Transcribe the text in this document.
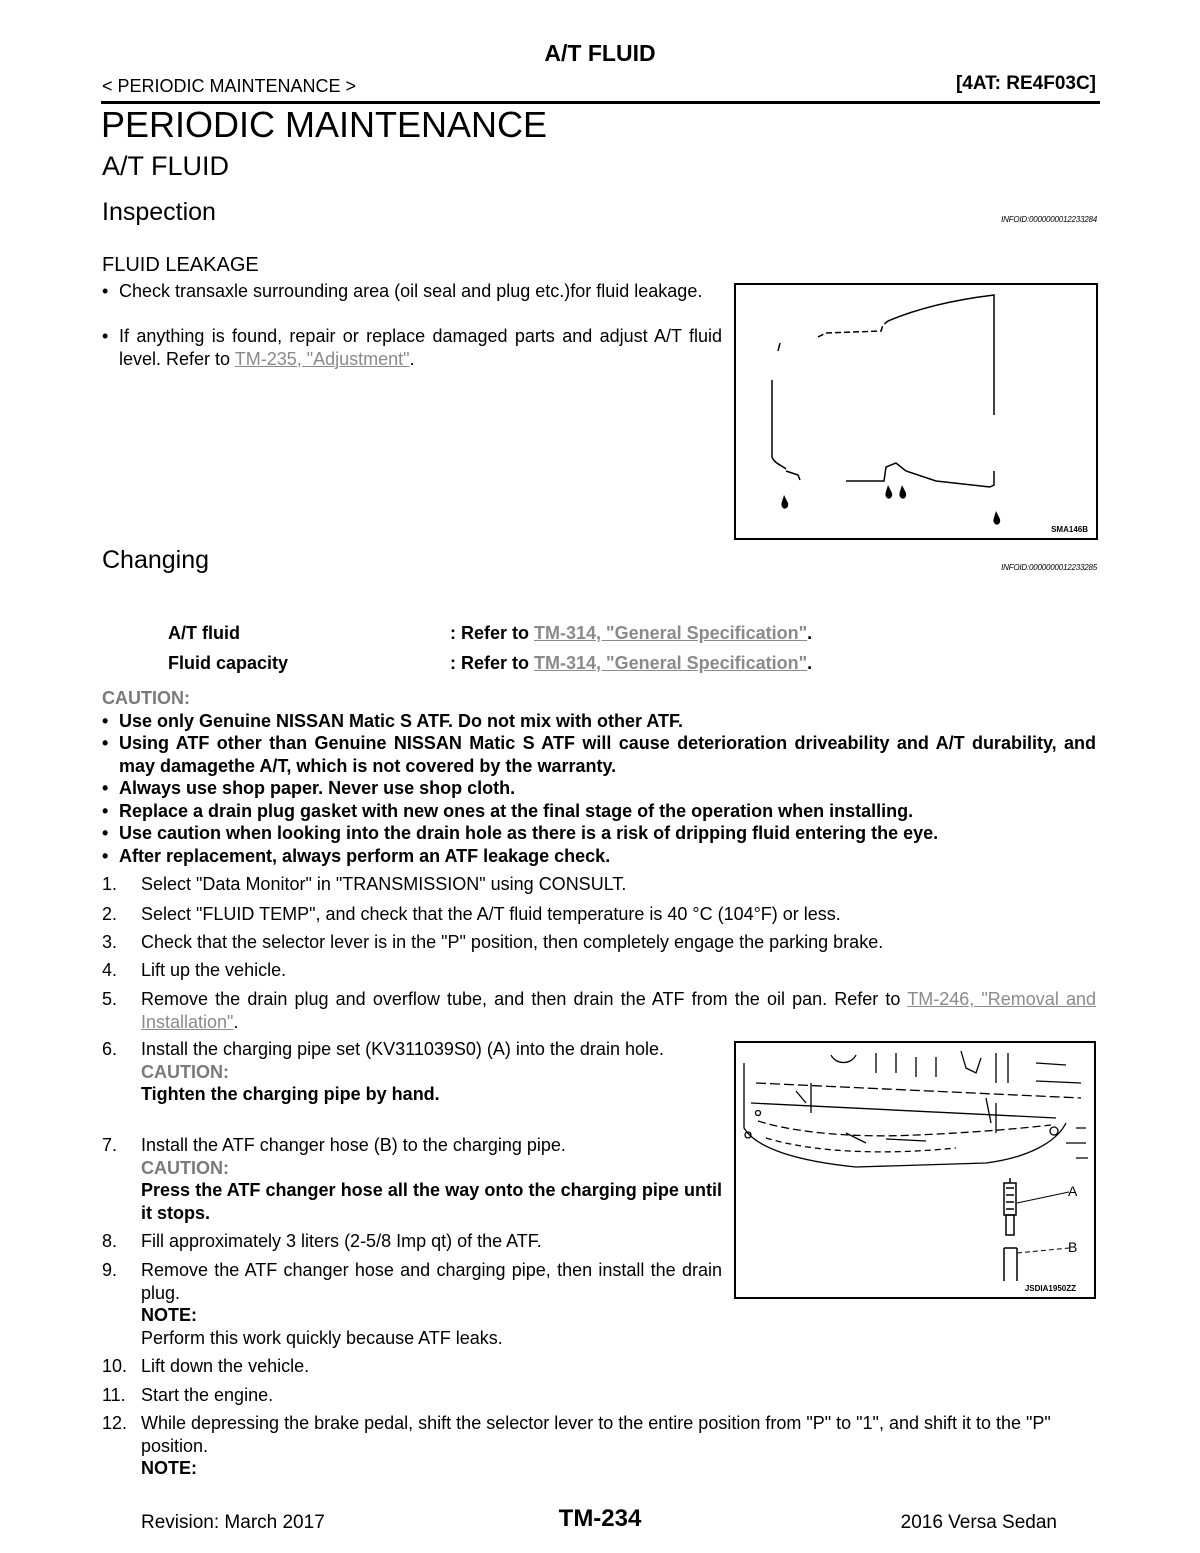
A/T FLUID
< PERIODIC MAINTENANCE >	[4AT: RE4F03C]
PERIODIC MAINTENANCE
A/T FLUID
Inspection	INFOID:0000000012233284
FLUID LEAKAGE
• Check transaxle surrounding area (oil seal and plug etc.)for fluid leakage.
• If anything is found, repair or replace damaged parts and adjust A/T fluid level. Refer to TM-235, "Adjustment".
SMA146B
Changing	INFOID:0000000012233285
A/T fluid	: Refer to TM-314, "General Specification".
Fluid capacity	: Refer to TM-314, "General Specification".
CAUTION:
• Use only Genuine NISSAN Matic S ATF. Do not mix with other ATF.
• Using ATF other than Genuine NISSAN Matic S ATF will cause deterioration driveability and A/T durability, and may damagethe A/T, which is not covered by the warranty.
• Always use shop paper. Never use shop cloth.
• Replace a drain plug gasket with new ones at the final stage of the operation when installing.
• Use caution when looking into the drain hole as there is a risk of dripping fluid entering the eye.
• After replacement, always perform an ATF leakage check.
1.	Select "Data Monitor" in "TRANSMISSION" using CONSULT.
2.	Select "FLUID TEMP", and check that the A/T fluid temperature is 40 °C (104°F) or less.
3.	Check that the selector lever is in the "P" position, then completely engage the parking brake.
4.	Lift up the vehicle.
5.	Remove the drain plug and overflow tube, and then drain the ATF from the oil pan. Refer to TM-246, "Removal and Installation".
6.	Install the charging pipe set (KV311039S0) (A) into the drain hole.
CAUTION:
Tighten the charging pipe by hand.
7.	Install the ATF changer hose (B) to the charging pipe.
CAUTION:
Press the ATF changer hose all the way onto the charging pipe until it stops.
8.	Fill approximately 3 liters (2-5/8 Imp qt) of the ATF.
9.	Remove the ATF changer hose and charging pipe, then install the drain plug.
NOTE:
Perform this work quickly because ATF leaks.
10. Lift down the vehicle.
11. Start the engine.
12. While depressing the brake pedal, shift the selector lever to the entire position from "P" to "1", and shift it to the "P" position.
NOTE:
A
B
JSDIA1950ZZ
Revision: March 2017	TM-234	2016 Versa Sedan
